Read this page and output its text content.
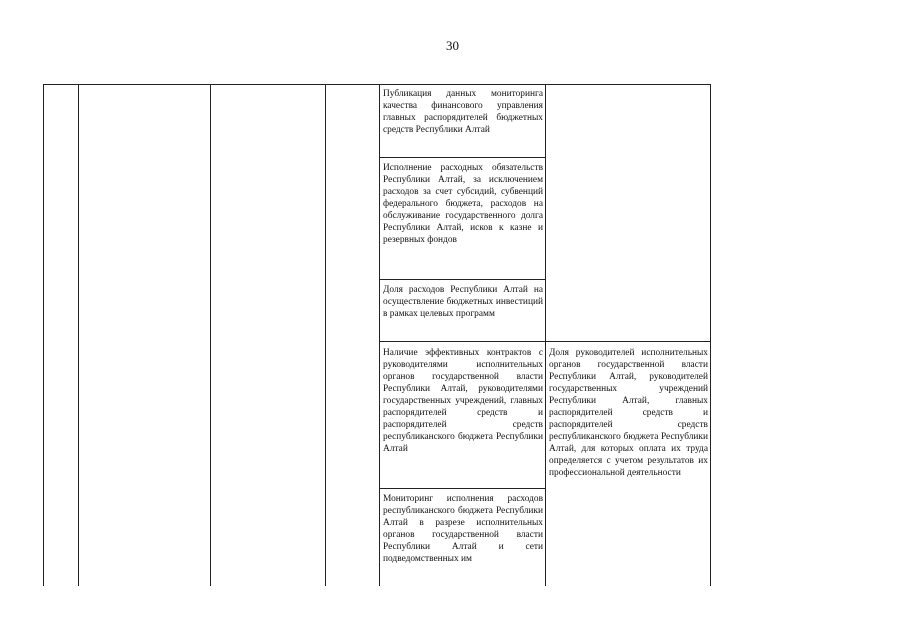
30
Публикация данных мониторинга качества финансового управления главных распорядителей бюджетных средств Республики Алтай
Исполнение расходных обязательств Республики Алтай, за исключением расходов за счет субсидий, субвенций федерального бюджета, расходов на обслуживание государственного долга Республики Алтай, исков к казне и резервных фондов
Доля расходов Республики Алтай на осуществление бюджетных инвестиций в рамках целевых программ
Наличие эффективных контрактов с руководителями исполнительных органов государственной власти Республики Алтай, руководителями государственных учреждений, главных распорядителей средств и распорядителей средств республиканского бюджета Республики Алтай
Мониторинг исполнения расходов республиканского бюджета Республики Алтай в разрезе исполнительных органов государственной власти Республики Алтай и сети подведомственных им
Доля руководителей исполнительных органов государственной власти Республики Алтай, руководителей государственных учреждений Республики Алтай, главных распорядителей средств и распорядителей средств республиканского бюджета Республики Алтай, для которых оплата их труда определяется с учетом результатов их профессиональной деятельности
